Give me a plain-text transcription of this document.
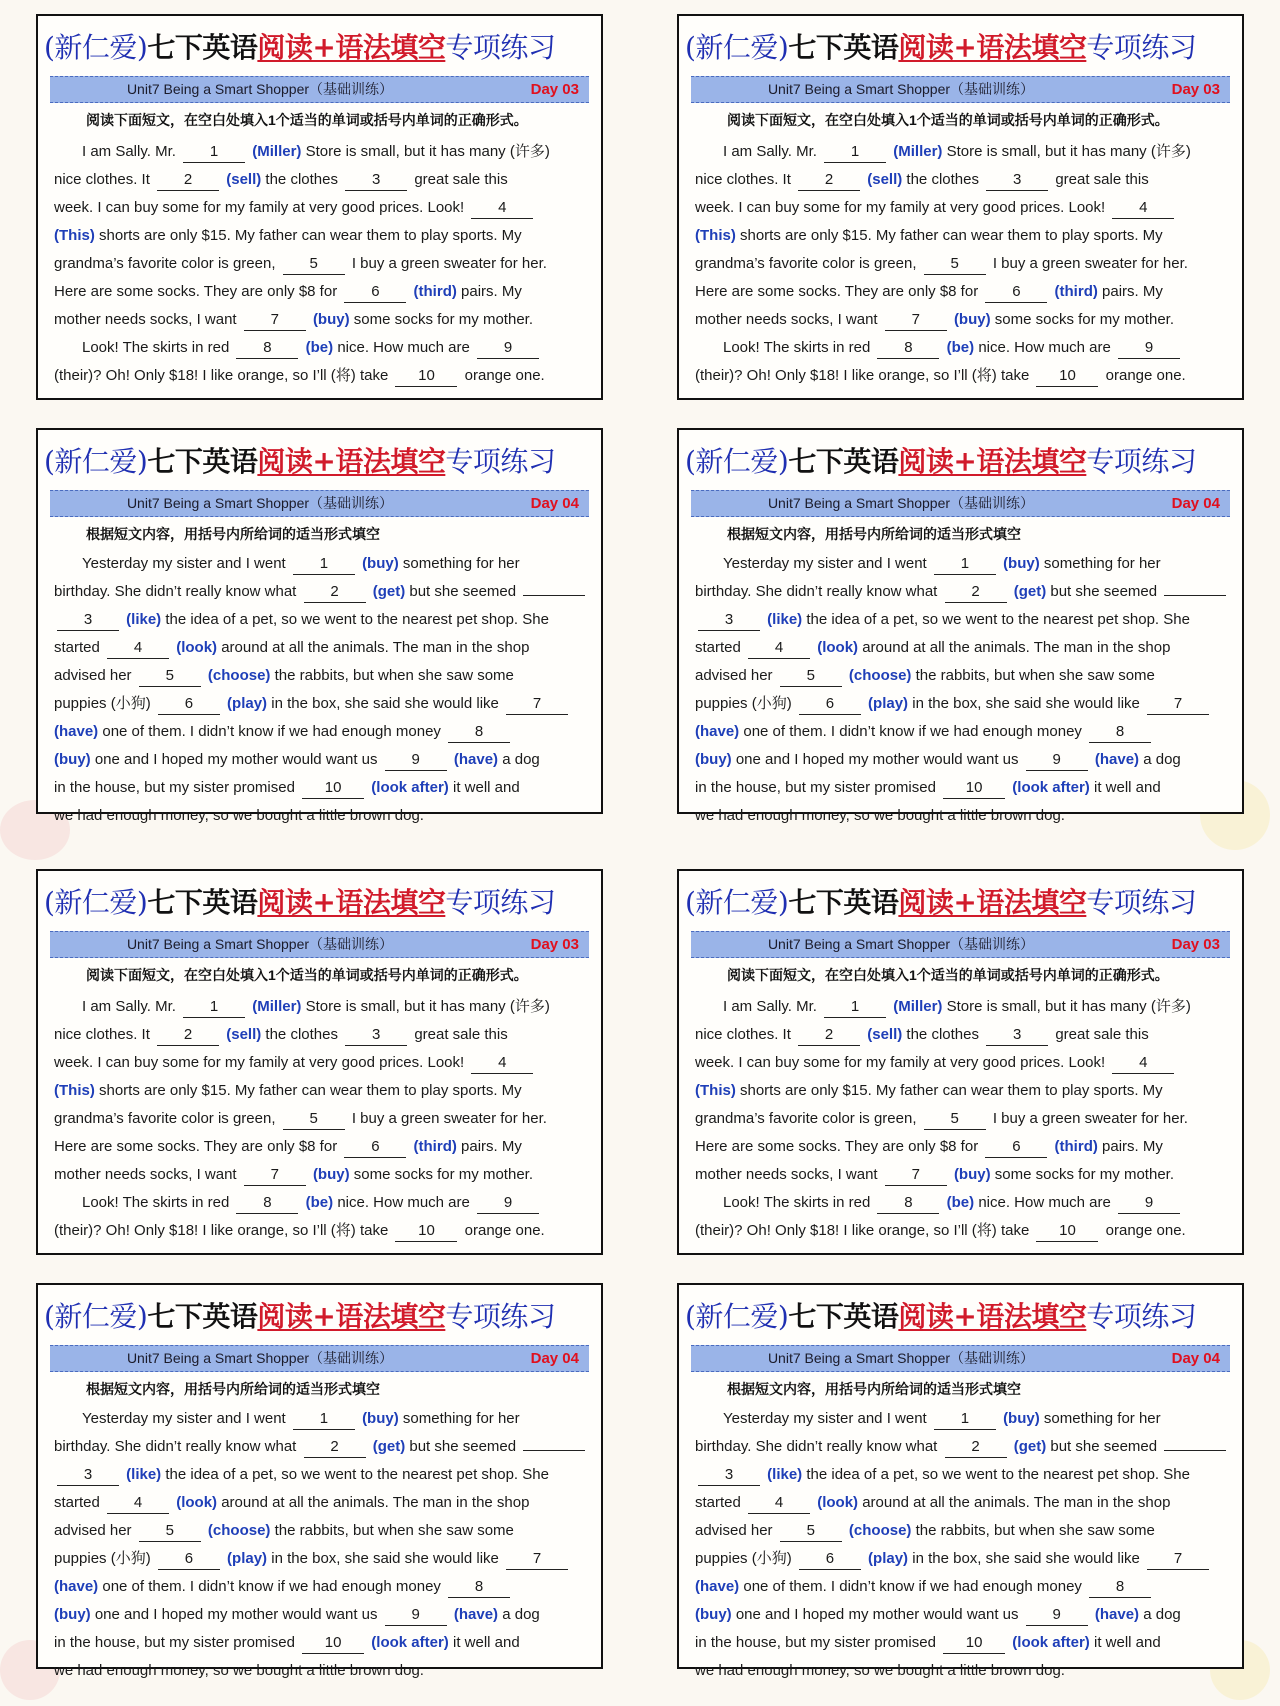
(新仁爱)七下英语阅读+语法填空专项练习
Unit7 Being a Smart Shopper（基础训练）	Day 03
阅读下面短文，在空白处填入1个适当的单词或括号内单词的正确形式。
I am Sally. Mr. 1 (Miller) Store is small, but it has many (许多)
nice clothes. It 2 (sell) the clothes 3 great sale this
week. I can buy some for my family at very good prices. Look! 4
(This) shorts are only $15. My father can wear them to play sports. My
grandma’s favorite color is green, 5 I buy a green sweater for her.
Here are some socks. They are only $8 for 6 (third) pairs. My
mother needs socks, I want 7 (buy) some socks for my mother.
Look! The skirts in red 8 (be) nice. How much are 9
(their)? Oh! Only $18! I like orange, so I’ll (将) take 10 orange one.
(新仁爱)七下英语阅读+语法填空专项练习
Unit7 Being a Smart Shopper（基础训练）	Day 03
阅读下面短文，在空白处填入1个适当的单词或括号内单词的正确形式。
I am Sally. Mr. 1 (Miller) Store is small, but it has many (许多)
nice clothes. It 2 (sell) the clothes 3 great sale this
week. I can buy some for my family at very good prices. Look! 4
(This) shorts are only $15. My father can wear them to play sports. My
grandma’s favorite color is green, 5 I buy a green sweater for her.
Here are some socks. They are only $8 for 6 (third) pairs. My
mother needs socks, I want 7 (buy) some socks for my mother.
Look! The skirts in red 8 (be) nice. How much are 9
(their)? Oh! Only $18! I like orange, so I’ll (将) take 10 orange one.
(新仁爱)七下英语阅读+语法填空专项练习
Unit7 Being a Smart Shopper（基础训练）	Day 04
根据短文内容，用括号内所给词的适当形式填空
Yesterday my sister and I went 1 (buy) something for her
birthday. She didn’t really know what 2 (get) but she seemed
3 (like) the idea of a pet, so we went to the nearest pet shop. She
started 4 (look) around at all the animals. The man in the shop
advised her 5 (choose) the rabbits, but when she saw some
puppies (小狗) 6 (play) in the box, she said she would like 7
(have) one of them. I didn’t know if we had enough money 8
(buy) one and I hoped my mother would want us 9 (have) a dog
in the house, but my sister promised 10 (look after) it well and
we had enough money, so we bought a little brown dog.
(新仁爱)七下英语阅读+语法填空专项练习
Unit7 Being a Smart Shopper（基础训练）	Day 04
根据短文内容，用括号内所给词的适当形式填空
Yesterday my sister and I went 1 (buy) something for her
birthday. She didn’t really know what 2 (get) but she seemed
3 (like) the idea of a pet, so we went to the nearest pet shop. She
started 4 (look) around at all the animals. The man in the shop
advised her 5 (choose) the rabbits, but when she saw some
puppies (小狗) 6 (play) in the box, she said she would like 7
(have) one of them. I didn’t know if we had enough money 8
(buy) one and I hoped my mother would want us 9 (have) a dog
in the house, but my sister promised 10 (look after) it well and
we had enough money, so we bought a little brown dog.
(新仁爱)七下英语阅读+语法填空专项练习
Unit7 Being a Smart Shopper（基础训练）	Day 03
阅读下面短文，在空白处填入1个适当的单词或括号内单词的正确形式。
I am Sally. Mr. 1 (Miller) Store is small, but it has many (许多)
nice clothes. It 2 (sell) the clothes 3 great sale this
week. I can buy some for my family at very good prices. Look! 4
(This) shorts are only $15. My father can wear them to play sports. My
grandma’s favorite color is green, 5 I buy a green sweater for her.
Here are some socks. They are only $8 for 6 (third) pairs. My
mother needs socks, I want 7 (buy) some socks for my mother.
Look! The skirts in red 8 (be) nice. How much are 9
(their)? Oh! Only $18! I like orange, so I’ll (将) take 10 orange one.
(新仁爱)七下英语阅读+语法填空专项练习
Unit7 Being a Smart Shopper（基础训练）	Day 03
阅读下面短文，在空白处填入1个适当的单词或括号内单词的正确形式。
I am Sally. Mr. 1 (Miller) Store is small, but it has many (许多)
nice clothes. It 2 (sell) the clothes 3 great sale this
week. I can buy some for my family at very good prices. Look! 4
(This) shorts are only $15. My father can wear them to play sports. My
grandma’s favorite color is green, 5 I buy a green sweater for her.
Here are some socks. They are only $8 for 6 (third) pairs. My
mother needs socks, I want 7 (buy) some socks for my mother.
Look! The skirts in red 8 (be) nice. How much are 9
(their)? Oh! Only $18! I like orange, so I’ll (将) take 10 orange one.
(新仁爱)七下英语阅读+语法填空专项练习
Unit7 Being a Smart Shopper（基础训练）	Day 04
根据短文内容，用括号内所给词的适当形式填空
Yesterday my sister and I went 1 (buy) something for her
birthday. She didn’t really know what 2 (get) but she seemed
3 (like) the idea of a pet, so we went to the nearest pet shop. She
started 4 (look) around at all the animals. The man in the shop
advised her 5 (choose) the rabbits, but when she saw some
puppies (小狗) 6 (play) in the box, she said she would like 7
(have) one of them. I didn’t know if we had enough money 8
(buy) one and I hoped my mother would want us 9 (have) a dog
in the house, but my sister promised 10 (look after) it well and
we had enough money, so we bought a little brown dog.
(新仁爱)七下英语阅读+语法填空专项练习
Unit7 Being a Smart Shopper（基础训练）	Day 04
根据短文内容，用括号内所给词的适当形式填空
Yesterday my sister and I went 1 (buy) something for her
birthday. She didn’t really know what 2 (get) but she seemed
3 (like) the idea of a pet, so we went to the nearest pet shop. She
started 4 (look) around at all the animals. The man in the shop
advised her 5 (choose) the rabbits, but when she saw some
puppies (小狗) 6 (play) in the box, she said she would like 7
(have) one of them. I didn’t know if we had enough money 8
(buy) one and I hoped my mother would want us 9 (have) a dog
in the house, but my sister promised 10 (look after) it well and
we had enough money, so we bought a little brown dog.
